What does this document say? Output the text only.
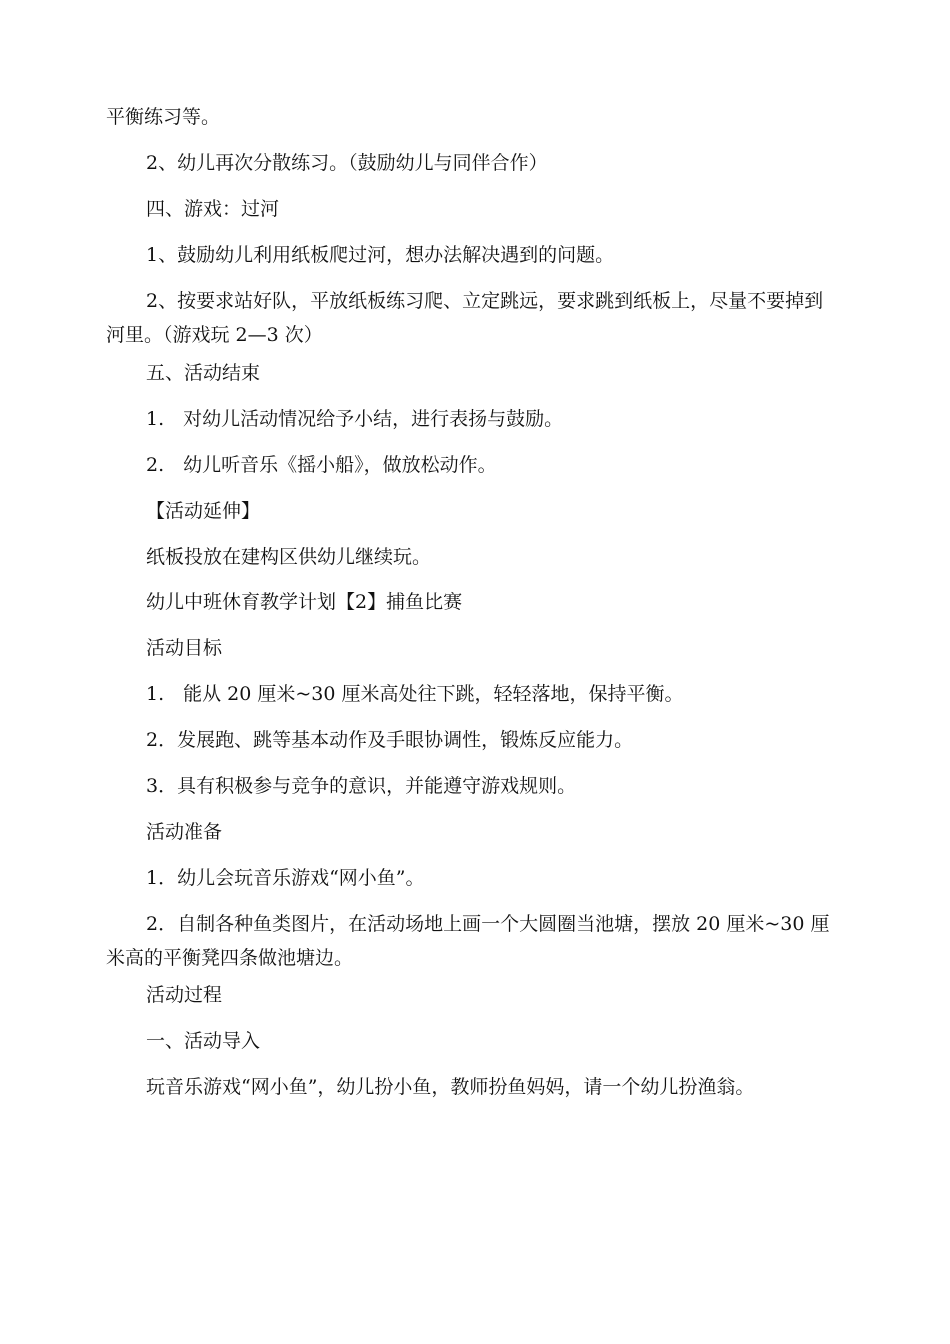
平衡练习等。
2、幼儿再次分散练习。（鼓励幼儿与同伴合作）
四、游戏：过河
1、鼓励幼儿利用纸板爬过河，想办法解决遇到的问题。
2、按要求站好队，平放纸板练习爬、立定跳远，要求跳到纸板上，尽量不要掉到河里。（游戏玩 2—3 次）
五、活动结束
1.　对幼儿活动情况给予小结，进行表扬与鼓励。
2.　幼儿听音乐《摇小船》，做放松动作。
【活动延伸】
纸板投放在建构区供幼儿继续玩。
幼儿中班休育教学计划【2】捕鱼比赛
活动目标
1.　能从 20 厘米~30 厘米高处往下跳，轻轻落地，保持平衡。
2．发展跑、跳等基本动作及手眼协调性，锻炼反应能力。
3．具有积极参与竞争的意识，并能遵守游戏规则。
活动准备
1．幼儿会玩音乐游戏“网小鱼”。
2．自制各种鱼类图片，在活动场地上画一个大圆圈当池塘，摆放 20 厘米~30 厘米高的平衡凳四条做池塘边。
活动过程
一、活动导入
玩音乐游戏“网小鱼”，幼儿扮小鱼，教师扮鱼妈妈，请一个幼儿扮渔翁。
